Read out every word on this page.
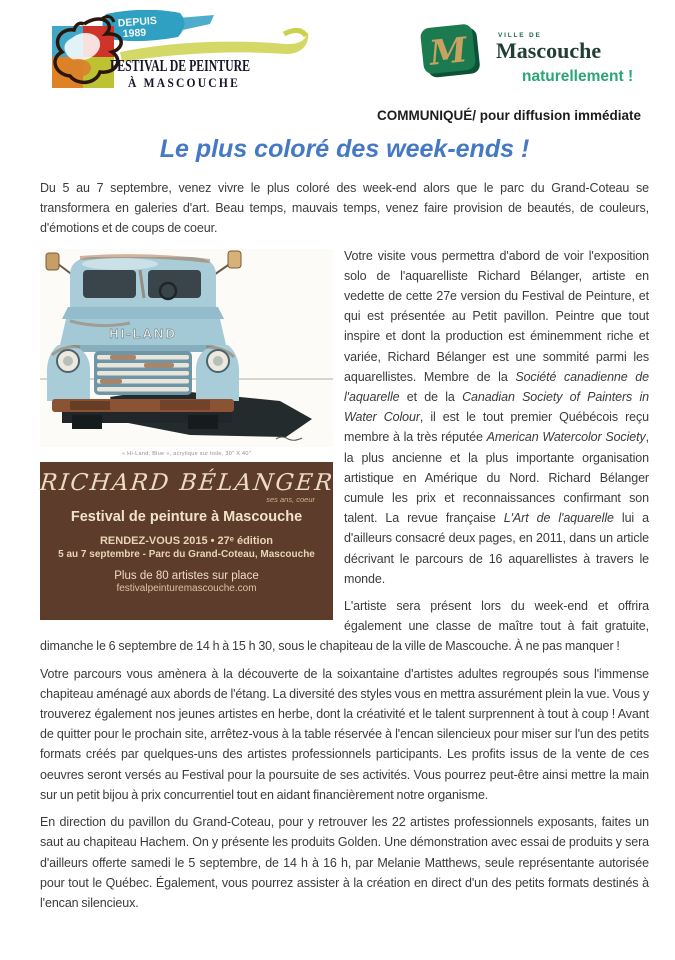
DEPUIS
1989
FESTIVAL DE PEINTURE
À MASCOUCHE
M	VILLE DE
Mascouche
naturellement !
COMMUNIQUÉ/ pour diffusion immédiate
Le plus coloré des week-ends !

Du 5 au 7 septembre, venez vivre le plus coloré des week-end alors que le parc du Grand-Coteau se transformera en galeries d'art. Beau temps, mauvais temps, venez faire provision de beautés, de couleurs, d'émotions et de coups de coeur.

HI-LAND
« Hi-Land, Blue », acrylique sur toile, 30" X 40"
RICHARD BÉLANGER
ses ans, coeur
Festival de peinture à Mascouche
RENDEZ-VOUS 2015 • 27ᵉ édition
5 au 7 septembre - Parc du Grand-Coteau, Mascouche
Plus de 80 artistes sur place
festivalpeinturemascouche.com

Votre visite vous permettra d'abord de voir l'exposition solo de l'aquarelliste Richard Bélanger, artiste en vedette de cette 27e version du Festival de Peinture, et qui est présentée au Petit pavillon. Peintre que tout inspire et dont la production est éminemment riche et variée, Richard Bélanger est une sommité parmi les aquarellistes. Membre de la Société canadienne de l'aquarelle et de la Canadian Society of Painters in Water Colour, il est le tout premier Québécois reçu membre à la très réputée American Watercolor Society, la plus ancienne et la plus importante organisation artistique en Amérique du Nord. Richard Bélanger cumule les prix et reconnaissances confirmant son talent. La revue française L'Art de l'aquarelle lui a d'ailleurs consacré deux pages, en 2011, dans un article décrivant le parcours de 16 aquarellistes à travers le monde.

L'artiste sera présent lors du week-end et offrira également une classe de maître tout à fait gratuite, dimanche le 6 septembre de 14 h à 15 h 30, sous le chapiteau de la ville de Mascouche. À ne pas manquer !

Votre parcours vous amènera à la découverte de la soixantaine d'artistes adultes regroupés sous l'immense chapiteau aménagé aux abords de l'étang. La diversité des styles vous en mettra assurément plein la vue. Vous y trouverez également nos jeunes artistes en herbe, dont la créativité et le talent surprennent à tout à coup ! Avant de quitter pour le prochain site, arrêtez-vous à la table réservée à l'encan silencieux pour miser sur l'un des petits formats créés par quelques-uns des artistes professionnels participants. Les profits issus de la vente de ces oeuvres seront versés au Festival pour la poursuite de ses activités. Vous pourrez peut-être ainsi mettre la main sur un petit bijou à prix concurrentiel tout en aidant financièrement notre organisme.

En direction du pavillon du Grand-Coteau, pour y retrouver les 22 artistes professionnels exposants, faites un saut au chapiteau Hachem. On y présente les produits Golden. Une démonstration avec essai de produits y sera d'ailleurs offerte samedi le 5 septembre, de 14 h à 16 h, par Melanie Matthews, seule représentante autorisée pour tout le Québec. Également, vous pourrez assister à la création en direct d'un des petits formats destinés à l'encan silencieux.
